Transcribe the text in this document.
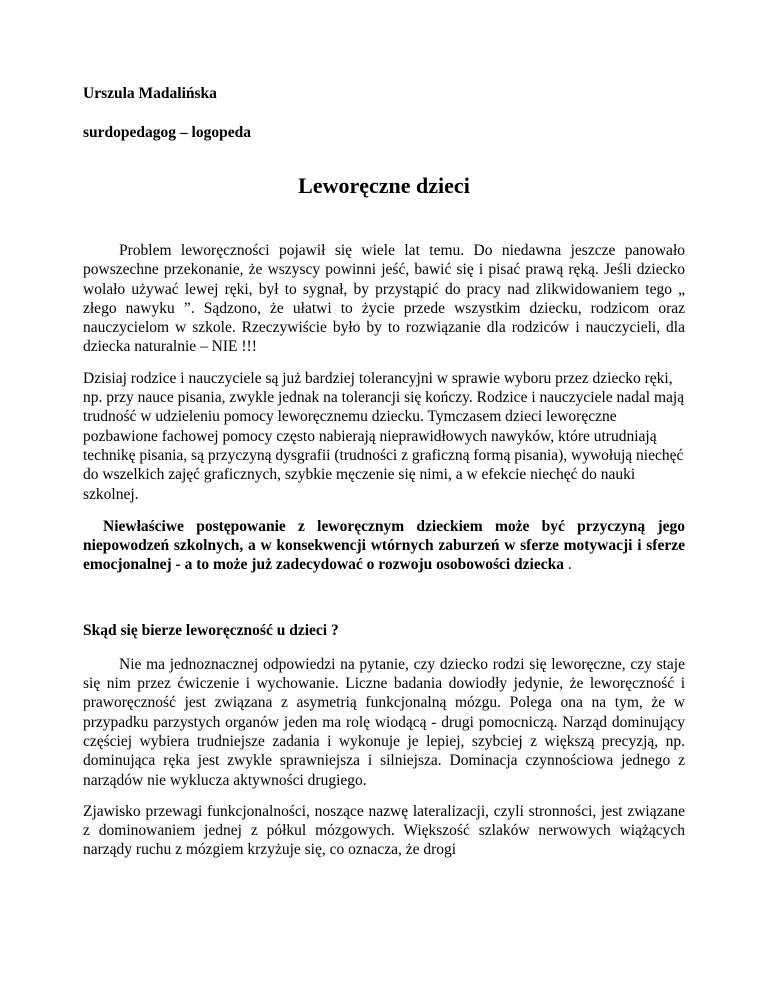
Urszula Madalińska

surdopedagog – logopeda

Leworęczne dzieci

Problem leworęczności pojawił się wiele lat temu. Do niedawna jeszcze panowało powszechne przekonanie, że wszyscy powinni jeść, bawić się i pisać prawą ręką. Jeśli dziecko wolało używać lewej ręki, był to sygnał, by przystąpić do pracy nad zlikwidowaniem tego „ złego nawyku ”. Sądzono, że ułatwi to życie przede wszystkim dziecku, rodzicom oraz nauczycielom w szkole. Rzeczywiście było by to rozwiązanie dla rodziców i nauczycieli, dla dziecka naturalnie – NIE !!!

Dzisiaj rodzice i nauczyciele są już bardziej tolerancyjni w sprawie wyboru przez dziecko ręki, np. przy nauce pisania, zwykle jednak na tolerancji się kończy. Rodzice i nauczyciele nadal mają trudność w udzieleniu pomocy leworęcznemu dziecku. Tymczasem dzieci leworęczne pozbawione fachowej pomocy często nabierają nieprawidłowych nawyków, które utrudniają technikę pisania, są przyczyną dysgrafii (trudności z graficzną formą pisania), wywołują niechęć do wszelkich zajęć graficznych, szybkie męczenie się nimi, a w efekcie niechęć do nauki szkolnej.

Niewłaściwe postępowanie z leworęcznym dzieckiem może być przyczyną jego niepowodzeń szkolnych, a w konsekwencji wtórnych zaburzeń w sferze motywacji i sferze emocjonalnej - a to może już zadecydować o rozwoju osobowości dziecka .

Skąd się bierze leworęczność u dzieci ?

Nie ma jednoznacznej odpowiedzi na pytanie, czy dziecko rodzi się leworęczne, czy staje się nim przez ćwiczenie i wychowanie. Liczne badania dowiodły jedynie, że leworęczność i praworęczność jest związana z asymetrią funkcjonalną mózgu. Polega ona na tym, że w przypadku parzystych organów jeden ma rolę wiodącą - drugi pomocniczą. Narząd dominujący częściej wybiera trudniejsze zadania i wykonuje je lepiej, szybciej z większą precyzją, np. dominująca ręka jest zwykle sprawniejsza i silniejsza. Dominacja czynnościowa jednego z narządów nie wyklucza aktywności drugiego.

Zjawisko przewagi funkcjonalności, noszące nazwę lateralizacji, czyli stronności, jest związane z dominowaniem jednej z półkul mózgowych. Większość szlaków nerwowych wiążących narządy ruchu z mózgiem krzyżuje się, co oznacza, że drogi
